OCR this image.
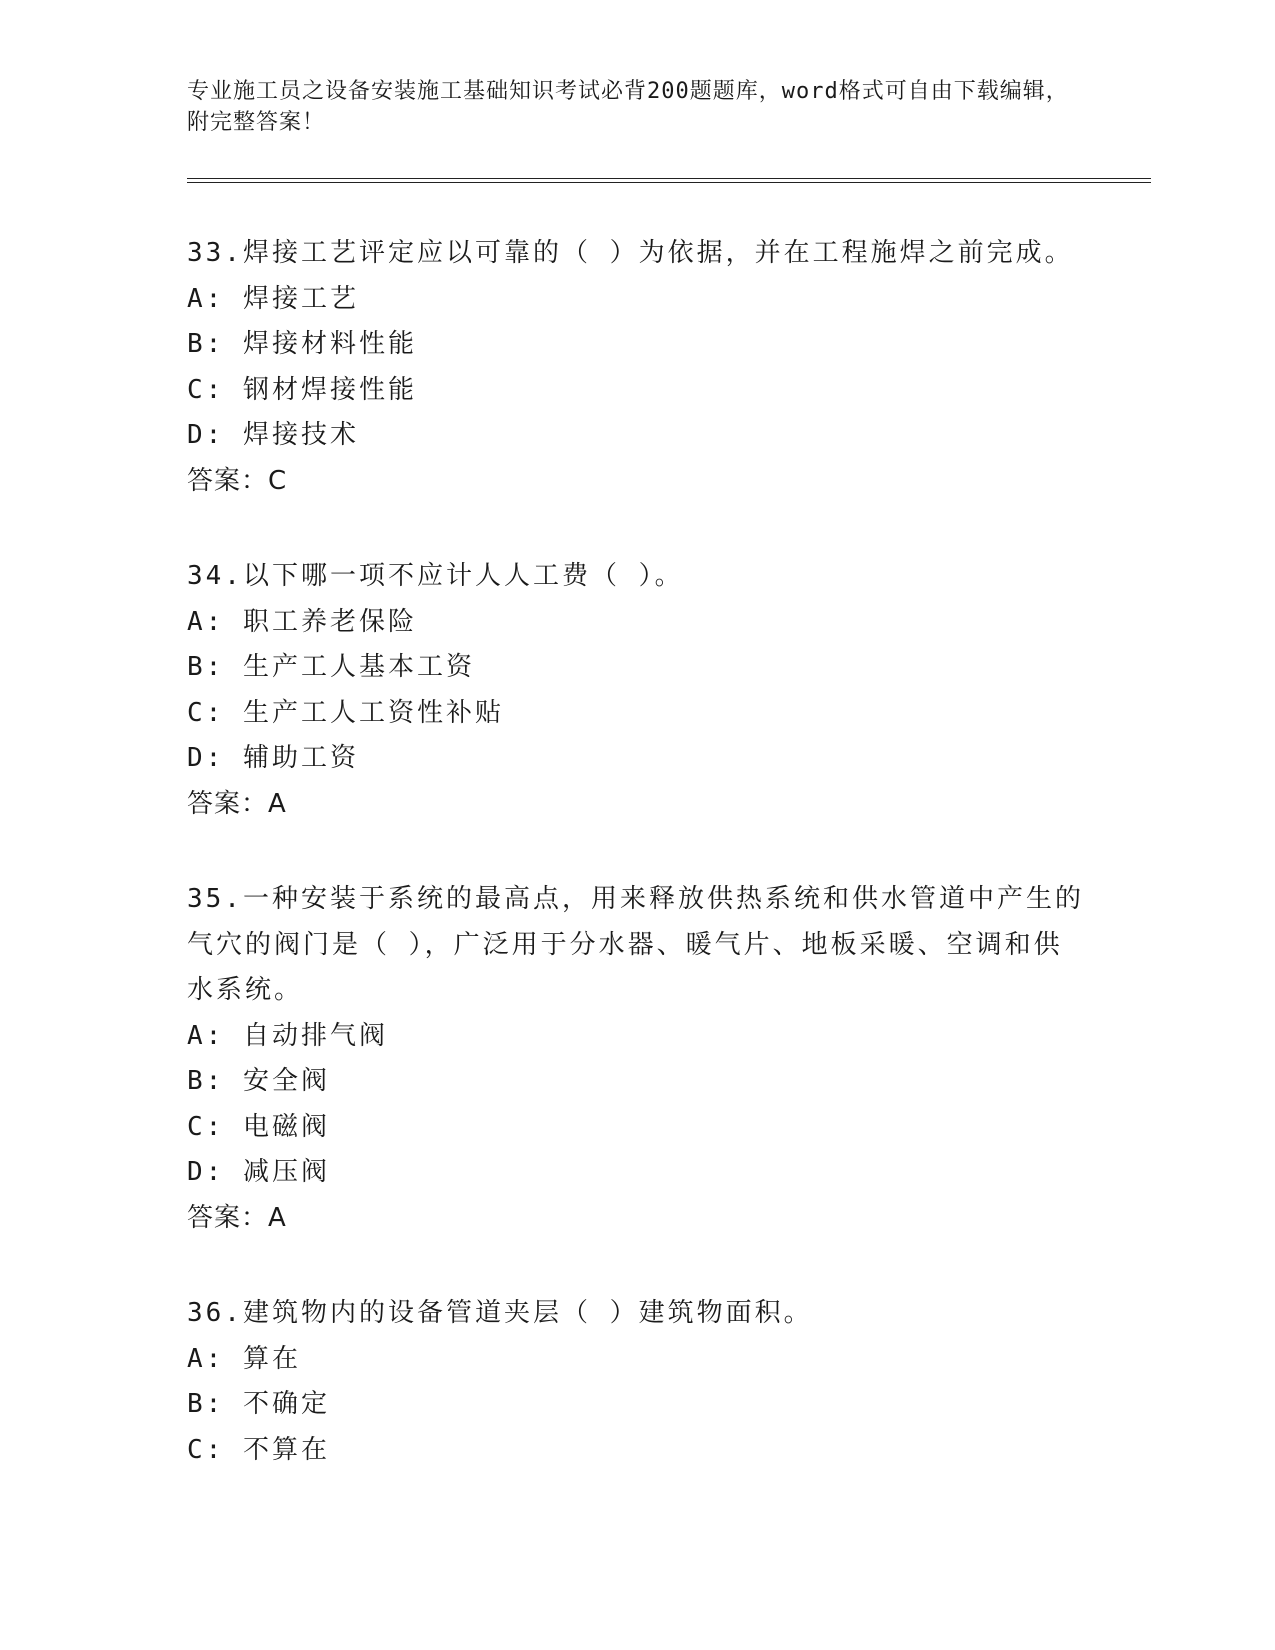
专业施工员之设备安装施工基础知识考试必背200题题库，word格式可自由下载编辑，附完整答案！
33.焊接工艺评定应以可靠的（ ）为依据，并在工程施焊之前完成。
A: 焊接工艺
B: 焊接材料性能
C: 钢材焊接性能
D: 焊接技术
答案：C
34.以下哪一项不应计人人工费（ ）。
A: 职工养老保险
B: 生产工人基本工资
C: 生产工人工资性补贴
D: 辅助工资
答案：A
35.一种安装于系统的最高点，用来释放供热系统和供水管道中产生的气穴的阀门是（ ），广泛用于分水器、暖气片、地板采暖、空调和供水系统。
A: 自动排气阀
B: 安全阀
C: 电磁阀
D: 减压阀
答案：A
36.建筑物内的设备管道夹层（ ）建筑物面积。
A: 算在
B: 不确定
C: 不算在
